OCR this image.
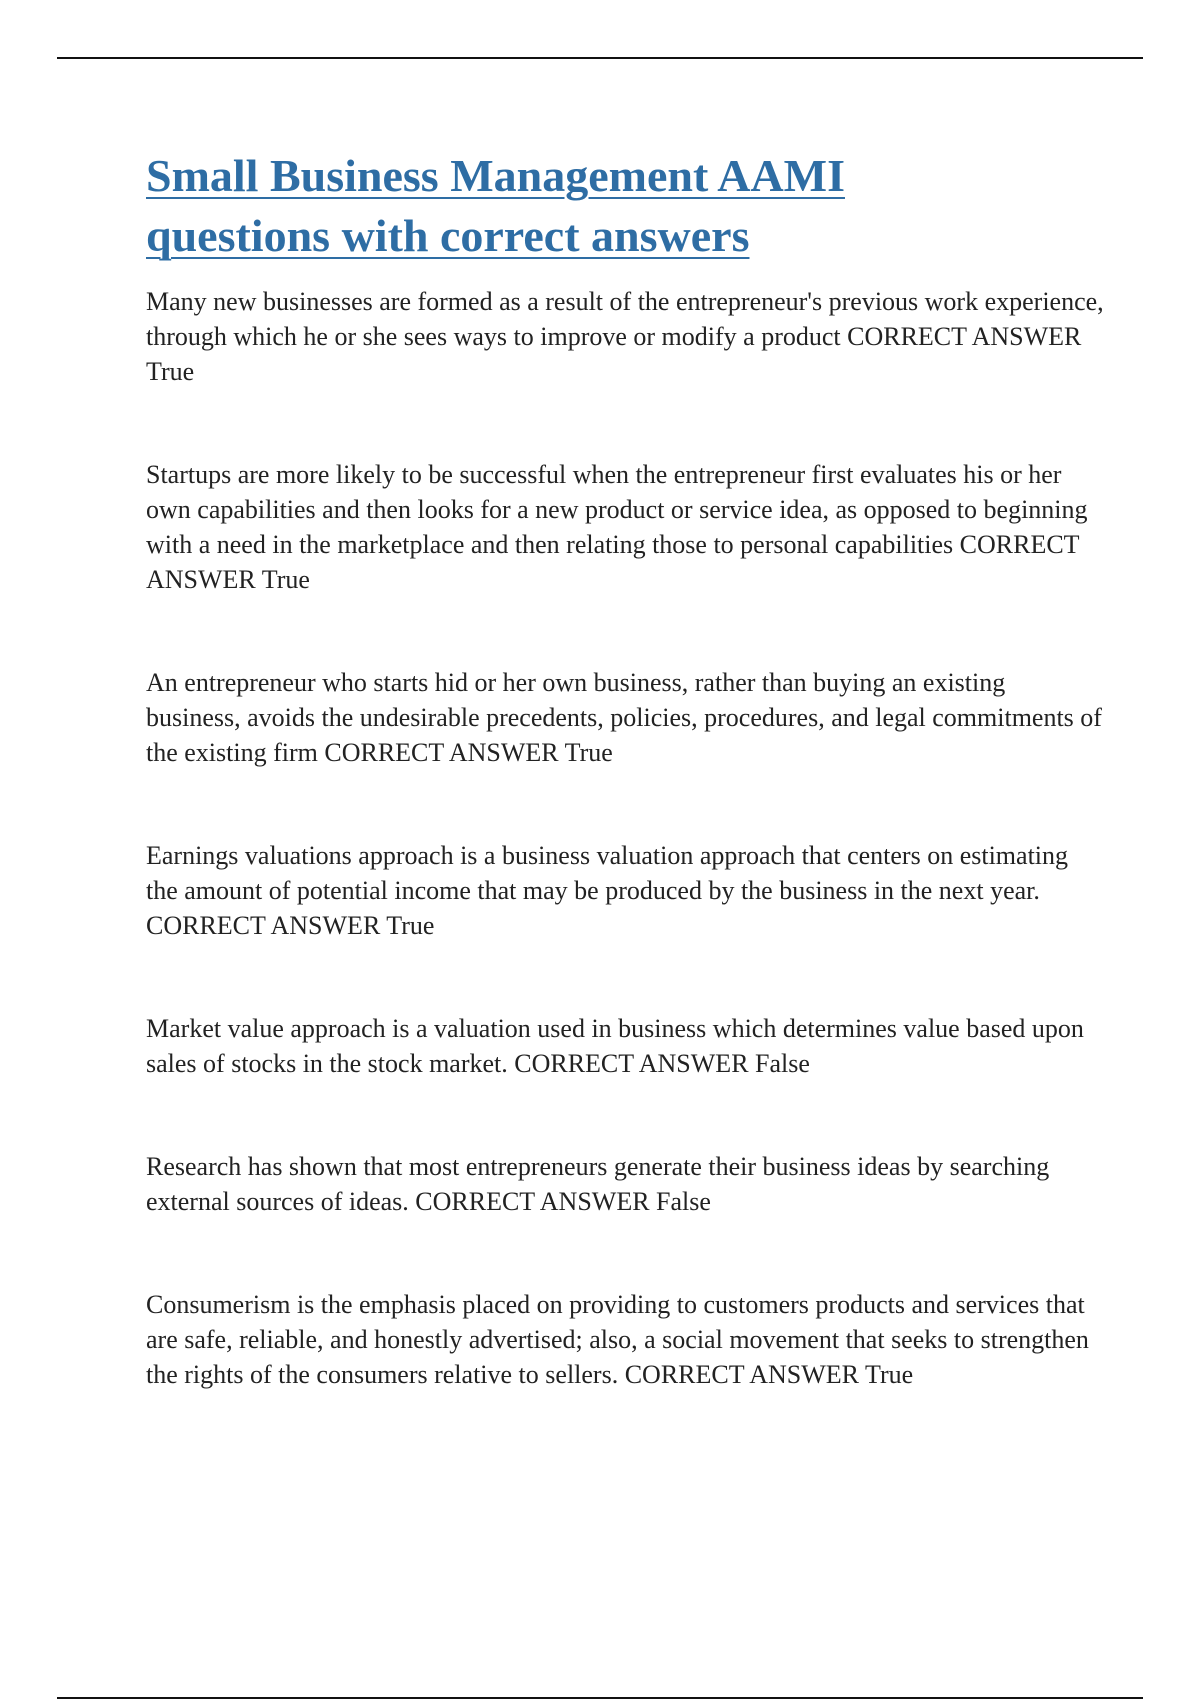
Small Business Management AAMI
questions with correct answers
Many new businesses are formed as a result of the entrepreneur's previous work experience, through which he or she sees ways to improve or modify a product CORRECT ANSWER True
Startups are more likely to be successful when the entrepreneur first evaluates his or her own capabilities and then looks for a new product or service idea, as opposed to beginning with a need in the marketplace and then relating those to personal capabilities CORRECT ANSWER True
An entrepreneur who starts hid or her own business, rather than buying an existing business, avoids the undesirable precedents, policies, procedures, and legal commitments of the existing firm CORRECT ANSWER True
Earnings valuations approach is a business valuation approach that centers on estimating the amount of potential income that may be produced by the business in the next year. CORRECT ANSWER True
Market value approach is a valuation used in business which determines value based upon sales of stocks in the stock market. CORRECT ANSWER False
Research has shown that most entrepreneurs generate their business ideas by searching external sources of ideas. CORRECT ANSWER False
Consumerism is the emphasis placed on providing to customers products and services that are safe, reliable, and honestly advertised; also, a social movement that seeks to strengthen the rights of the consumers relative to sellers. CORRECT ANSWER True
